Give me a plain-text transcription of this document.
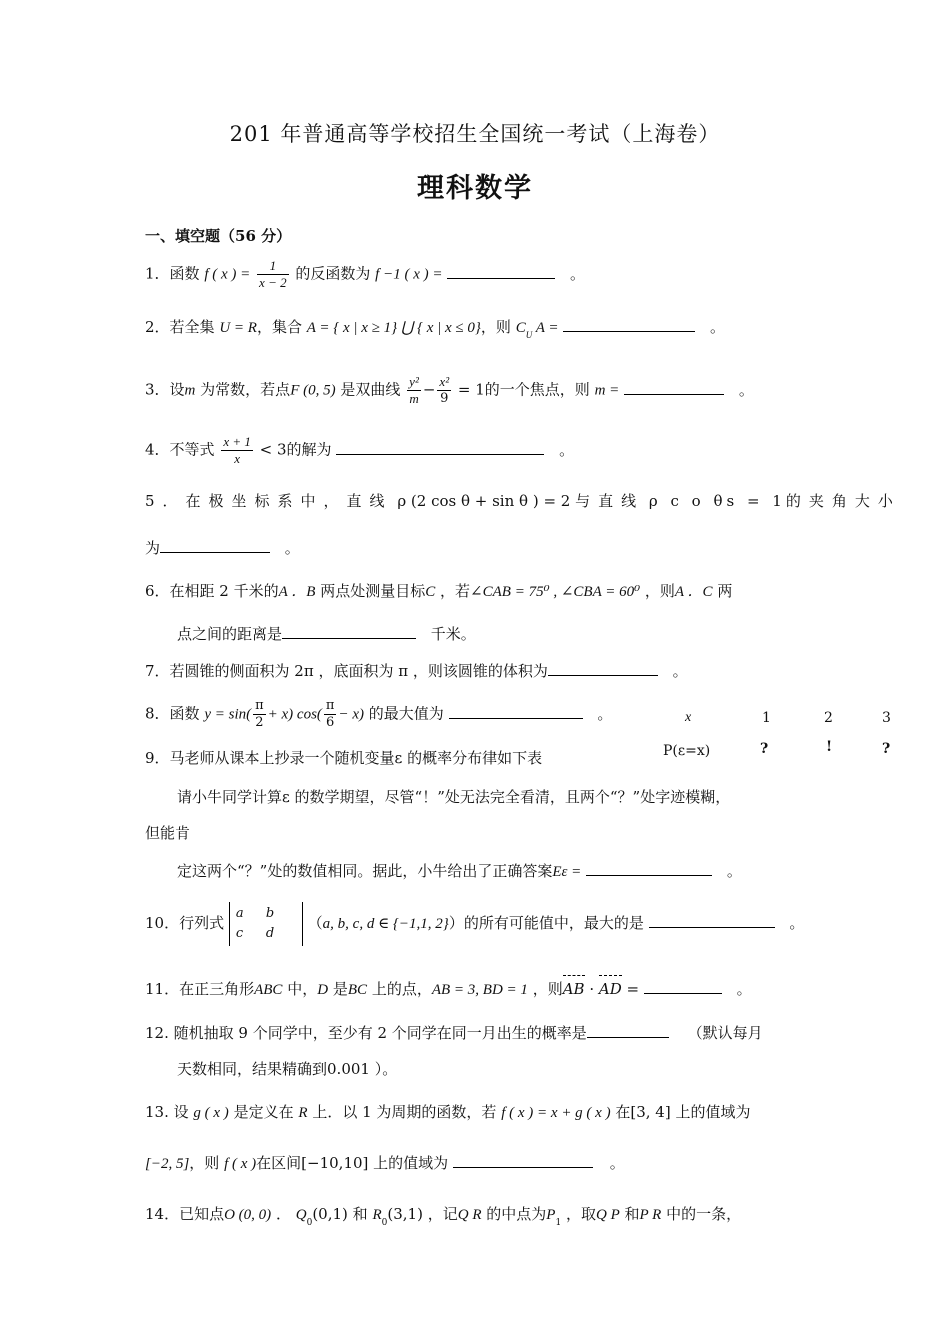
201 年普通高等学校招生全国统一考试（上海卷）
理科数学
一、填空题（56 分）
1．函数 f ( x ) = $\frac{1}{x - 2}$ 的反函数为 f −1 ( x ) =	。
2．若全集 U = R，集合 A = { x | x ≥ 1} ⋃ { x | x ≤ 0}，则 $C_U$ A =	。
3．设m 为常数，若点F (0, 5) 是双曲线 $\frac{\text{y²}}{m} - \frac{\text{x²}}{9} = 1$的一个焦点，则 m =	。
4．不等式 $\frac{x + 1}{x} < 3$的解为	。
5．在极坐标系中，直线 ρ (2 cos θ + sin θ ) = 2 与直线 ρ c o θs = 1的夹角大小
为	。
6．在相距 2 千米的A ．B 两点处测量目标C ，若∠CAB = 75⁰ , ∠CBA = 60⁰ ，则A ．C 两
点之间的距离是	千米。
7．若圆锥的侧面积为 2π ，底面积为 π ，则该圆锥的体积为	。
8．函数 $y = \sin( \frac{\pi}{2} + x)$ $\cos( \frac{\pi}{6} - x)$ 的最大值为	。	x	1	2	3
P(ε=x)	?	!	?
9．马老师从课本上抄录一个随机变量ε 的概率分布律如下表
请小牛同学计算ε 的数学期望，尽管“！”处无法完全看清，且两个“？”处字迹模糊，
但能肯
定这两个“？”处的数值相同。据此，小牛给出了正确答案Eε =	。
10．行列式 a b
c d （a, b, c, d ∈ {−1,1, 2}）的所有可能值中，最大的是	。
11．在正三角形ABC 中，D 是BC 上的点，AB = 3, BD = 1 ，则AB · AD =	。
12. 随机抽取 9 个同学中，至少有 2 个同学在同一月出生的概率是	（默认每月
天数相同，结果精确到0.001 ）。
13. 设 g ( x ) 是定义在 R 上．以 1 为周期的函数，若 f ( x ) = x + g ( x ) 在[3, 4] 上的值域为
[−2, 5]，则 f ( x )在区间[−10,10] 上的值域为	。
14．已知点O (0, 0) ． $Q_0(0,1)$ 和 $R_0(3,1)$ ，记Q R 的中点为$P_1$ ，取Q P 和P R 中的一条，
